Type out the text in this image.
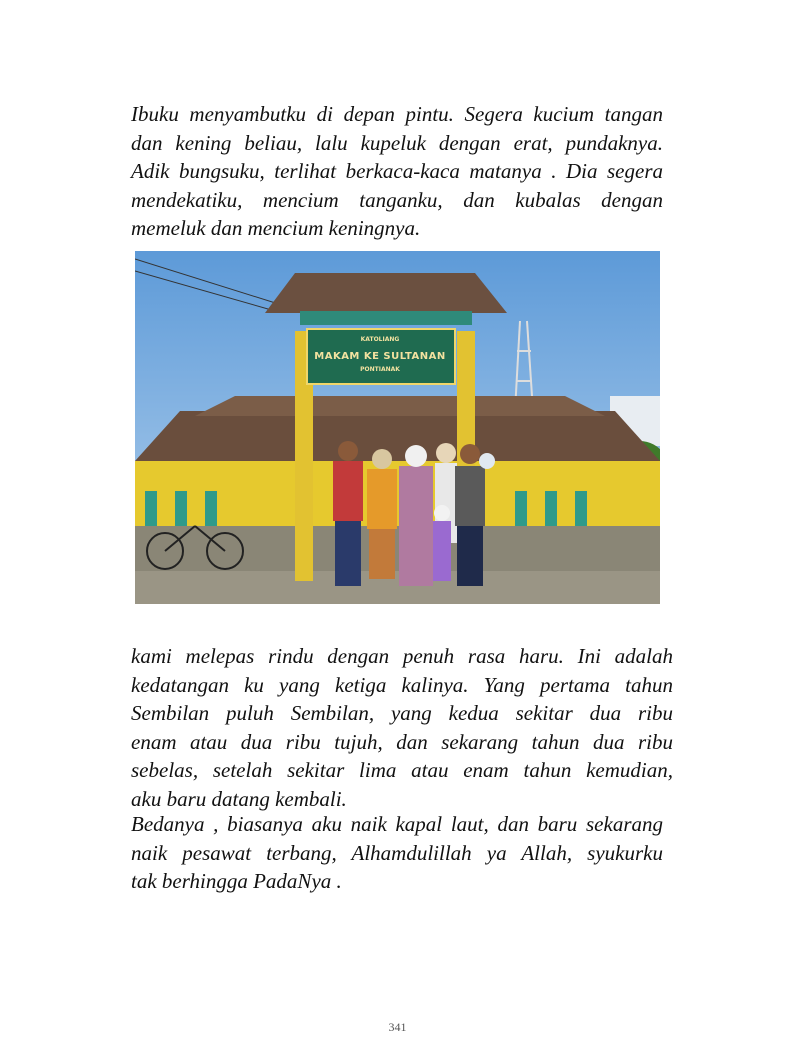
Ibuku menyambutku di depan pintu. Segera kucium tangan
dan kening beliau, lalu kupeluk dengan erat, pundaknya.
Adik bungsuku, terlihat berkaca-kaca matanya . Dia segera
mendekatiku, mencium tanganku, dan kubalas dengan
memeluk dan mencium keningnya.

KATOLIANG
MAKAM KE SULTANAN
PONTIANAK

kami melepas rindu dengan penuh rasa haru. Ini adalah
kedatangan ku yang ketiga kalinya. Yang pertama tahun
Sembilan puluh Sembilan, yang kedua sekitar dua ribu
enam atau dua ribu tujuh, dan sekarang tahun dua ribu
sebelas, setelah sekitar lima atau enam tahun kemudian,
aku baru datang kembali.

Bedanya , biasanya aku naik kapal laut, dan baru sekarang
naik pesawat terbang, Alhamdulillah ya Allah, syukurku
tak berhingga PadaNya .

341
